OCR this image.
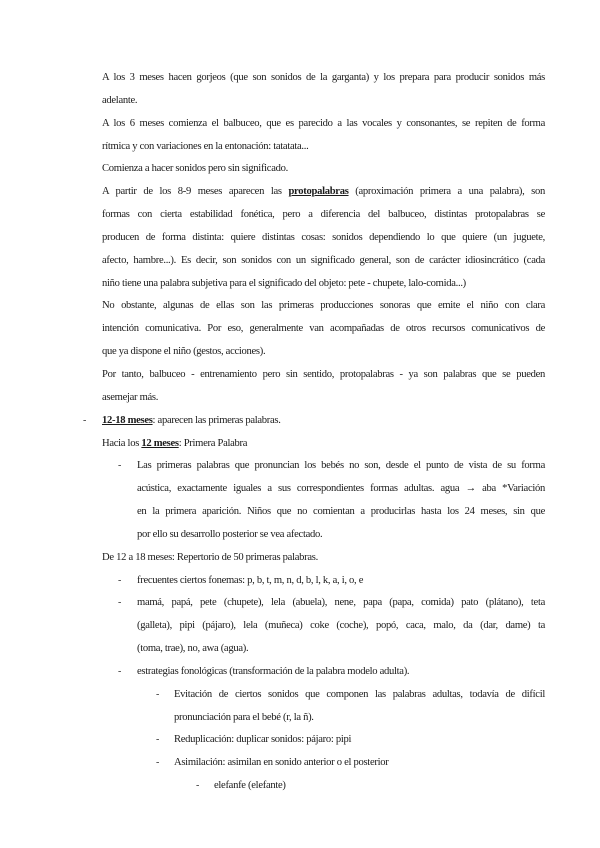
A los 3 meses hacen gorjeos (que son sonidos de la garganta) y los prepara para producir sonidos más
adelante.
A los 6 meses comienza el balbuceo, que es parecido a las vocales y consonantes, se repiten de forma
rítmica y con variaciones en la entonación: tatatata...
Comienza a hacer sonidos pero sin significado.
A partir de los 8-9 meses aparecen las protopalabras (aproximación primera a una palabra), son
formas con cierta estabilidad fonética, pero a diferencia del balbuceo, distintas protopalabras se
producen de forma distinta: quiere distintas cosas: sonidos dependiendo lo que quiere (un juguete,
afecto, hambre...). Es decir, son sonidos con un significado general, son de carácter idiosincrático (cada
niño tiene una palabra subjetiva para el significado del objeto: pete - chupete, lalo-comida...)
No obstante, algunas de ellas son las primeras producciones sonoras que emite el niño con clara
intención comunicativa. Por eso, generalmente van acompañadas de otros recursos comunicativos de
que ya dispone el niño (gestos, acciones).
Por tanto, balbuceo - entrenamiento pero sin sentido, protopalabras - ya son palabras que se pueden
asemejar más.
- 12-18 meses: aparecen las primeras palabras.
Hacia los 12 meses: Primera Palabra
- Las primeras palabras que pronuncian los bebés no son, desde el punto de vista de su forma
acústica, exactamente iguales a sus correspondientes formas adultas. agua → aba *Variación
en la primera aparición. Niños que no comientan a producirlas hasta los 24 meses, sin que
por ello su desarrollo posterior se vea afectado.
De 12 a 18 meses: Repertorio de 50 primeras palabras.
- frecuentes ciertos fonemas: p, b, t, m, n, d, b, l, k, a, i, o, e
- mamá, papá, pete (chupete), lela (abuela), nene, papa (papa, comida) pato (plátano), teta
(galleta), pipi (pájaro), lela (muñeca) coke (coche), popó, caca, malo, da (dar, dame) ta
(toma, trae), no, awa (agua).
- estrategias fonológicas (transformación de la palabra modelo adulta).
- Evitación de ciertos sonidos que componen las palabras adultas, todavía de difícil
pronunciación para el bebé (r, la ñ).
- Reduplicación: duplicar sonidos: pájaro: pipi
- Asimilación: asimilan en sonido anterior o el posterior
- elefanfe (elefante)
